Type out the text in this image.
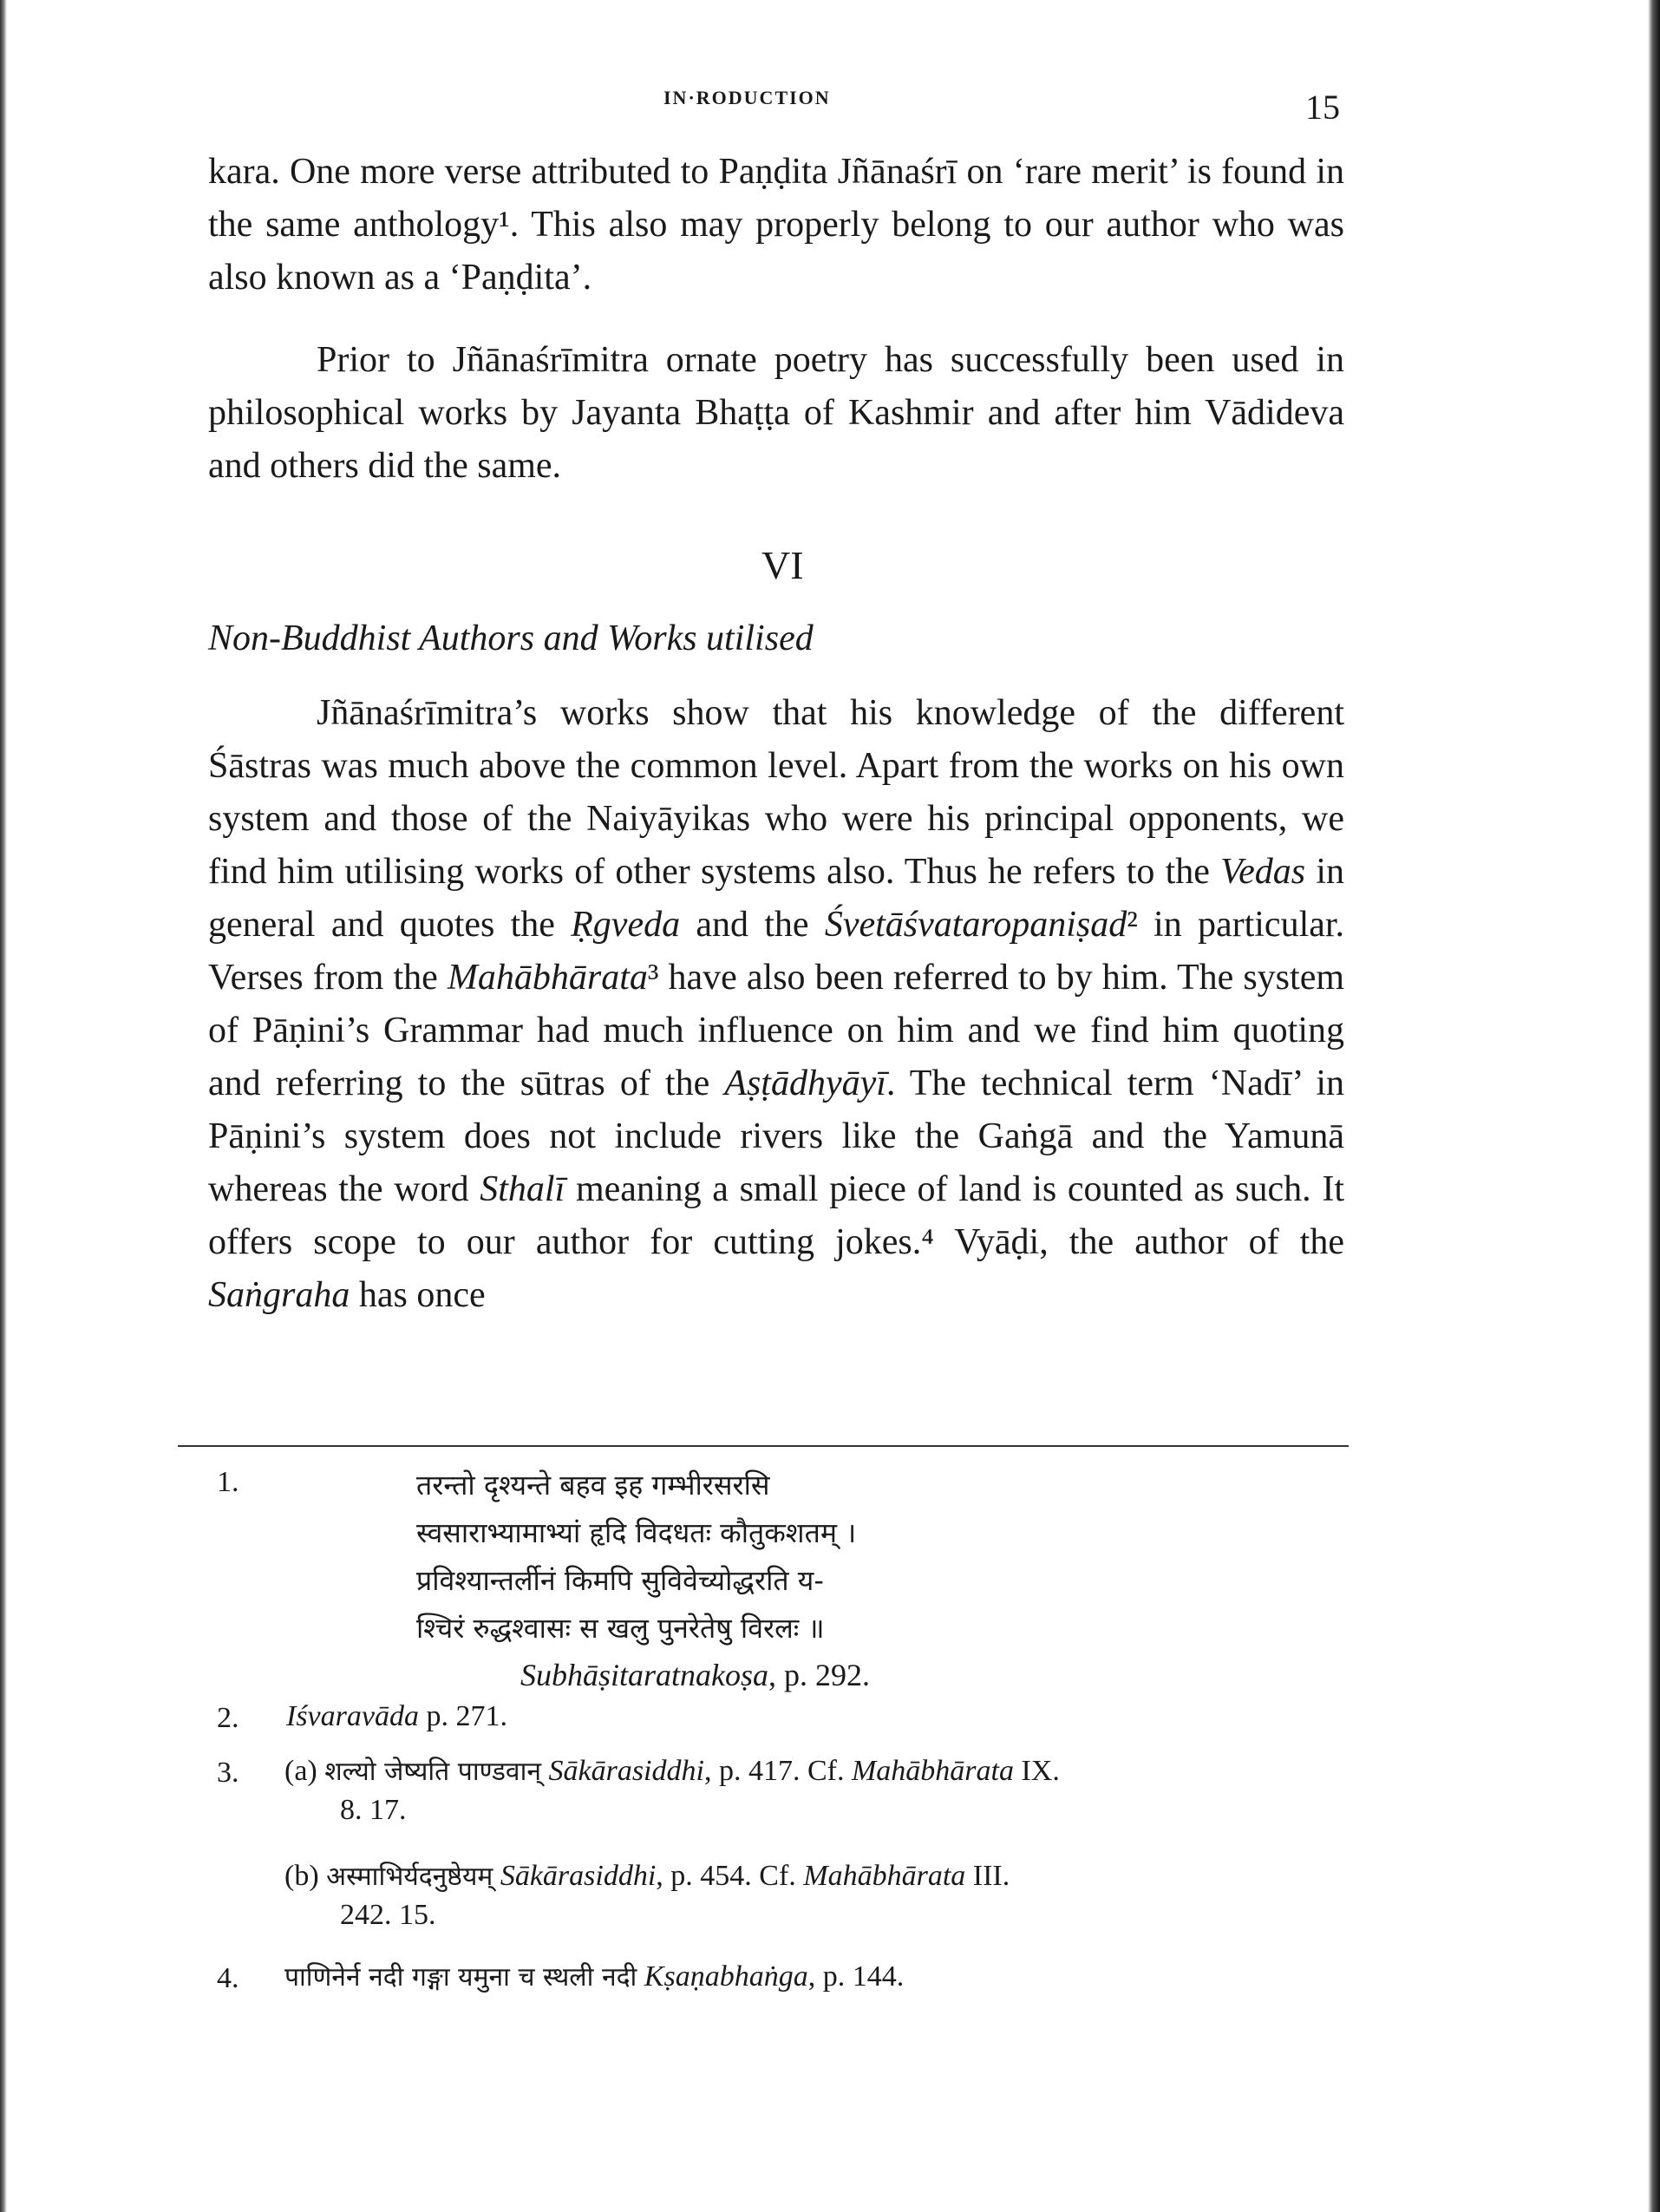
IN·RODUCTION	15

kara. One more verse attributed to Paṇḍita Jñānaśrī on ‘rare merit’ is found in the same anthology¹. This also may properly belong to our author who was also known as a ‘Paṇḍita’.

Prior to Jñānaśrīmitra ornate poetry has successfully been used in philosophical works by Jayanta Bhaṭṭa of Kashmir and after him Vādideva and others did the same.

VI
Non-Buddhist Authors and Works utilised

Jñānaśrīmitra’s works show that his knowledge of the different Śāstras was much above the common level. Apart from the works on his own system and those of the Naiyāyikas who were his principal opponents, we find him utilising works of other systems also. Thus he refers to the Vedas in general and quotes the Ṛgveda and the Śvetāśvataropaniṣad² in particular. Verses from the Mahābhārata³ have also been referred to by him. The system of Pāṇini’s Grammar had much influence on him and we find him quoting and referring to the sūtras of the Aṣṭādhyāyī. The technical term ‘Nadī’ in Pāṇini’s system does not include rivers like the Gaṅgā and the Yamunā whereas the word Sthalī meaning a small piece of land is counted as such. It offers scope to our author for cutting jokes.⁴ Vyāḍi, the author of the Saṅgraha has once

1.	तरन्तो दृश्यन्ते बहव इह गम्भीरसरसि
स्वसाराभ्यामाभ्यां हृदि विदधतः कौतुकशतम् ।
प्रविश्यान्तर्लीनं किमपि सुविवेच्योद्धरति य-
श्चिरं रुद्धश्वासः स खलु पुनरेतेषु विरलः ॥
Subhāṣitaratnakoṣa, p. 292.
2. Iśvaravāda p. 271.
3. (a) शल्यो जेष्यति पाण्डवान् Sākārasiddhi, p. 417. Cf. Mahābhārata IX.
8. 17.
(b) अस्माभिर्यदनुष्ठेयम् Sākārasiddhi, p. 454. Cf. Mahābhārata III.
242. 15.
4. पाणिनेर्न नदी गङ्गा यमुना च स्थली नदी Kṣaṇabhaṅga, p. 144.
